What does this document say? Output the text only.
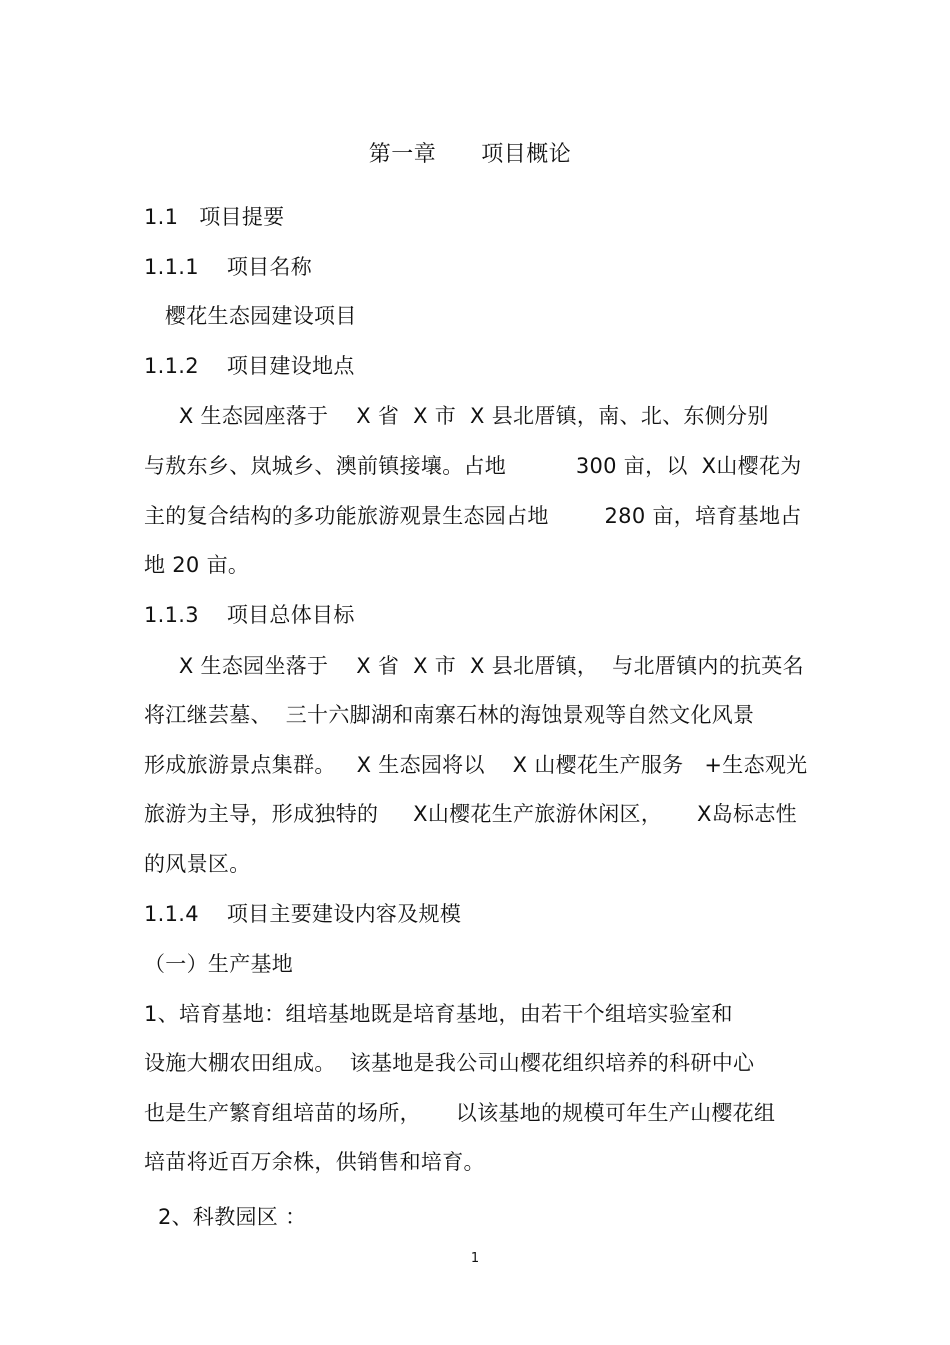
第一章      项目概论
1.1   项目提要
1.1.1    项目名称
樱花生态园建设项目
1.1.2    项目建设地点
X 生态园座落于    X 省  X 市  X 县北厝镇，南、北、东侧分别
与敖东乡、岚城乡、澳前镇接壤。占地          300 亩，以  X山樱花为
主的复合结构的多功能旅游观景生态园占地        280 亩，培育基地占
地 20 亩。
1.1.3    项目总体目标
X 生态园坐落于    X 省  X 市  X 县北厝镇，  与北厝镇内的抗英名
将江继芸墓、  三十六脚湖和南寨石林的海蚀景观等自然文化风景
形成旅游景点集群。   X 生态园将以    X 山樱花生产服务   +生态观光
旅游为主导，形成独特的     X山樱花生产旅游休闲区，     X岛标志性
的风景区。
1.1.4    项目主要建设内容及规模
（一）生产基地
1、培育基地：组培基地既是培育基地，由若干个组培实验室和
设施大棚农田组成。  该基地是我公司山樱花组织培养的科研中心
也是生产繁育组培苗的场所，     以该基地的规模可年生产山樱花组
培苗将近百万余株，供销售和培育。
2、科教园区 ：
1
